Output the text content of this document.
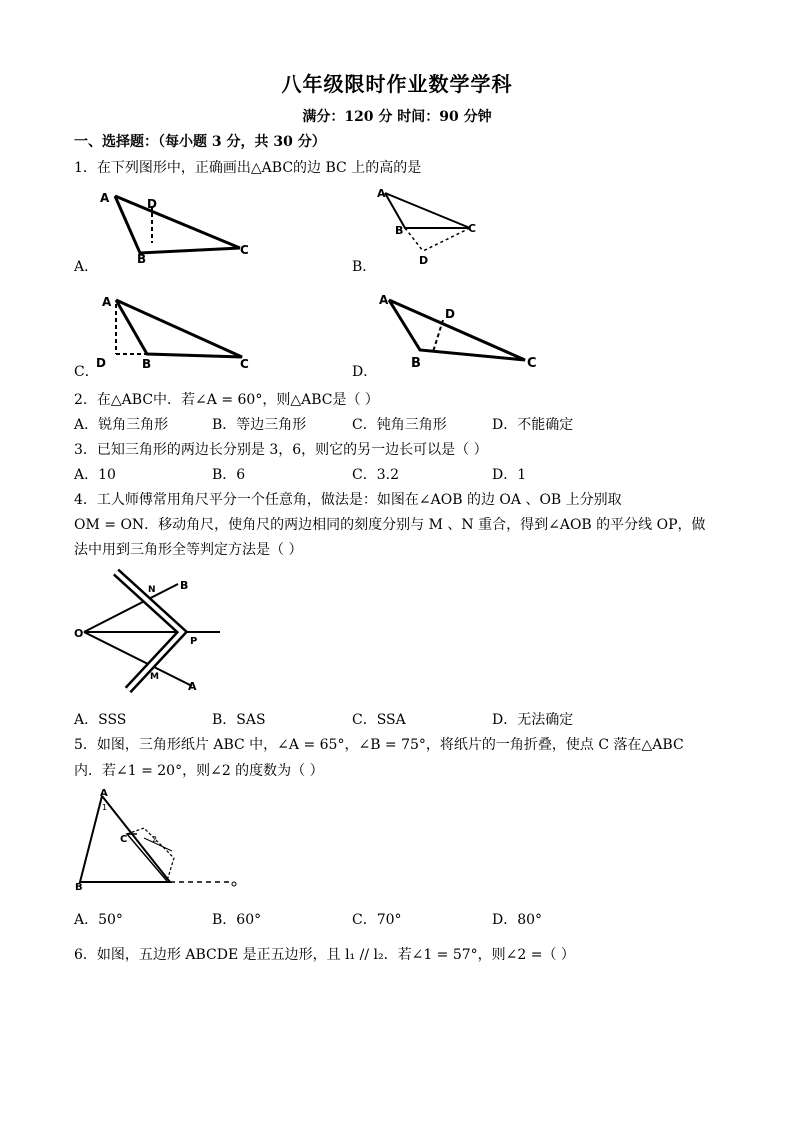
八年级限时作业数学学科
满分：120 分 时间：90 分钟
一、选择题：（每小题 3 分，共 30 分）
1．在下列图形中，正确画出△ABC的边 BC 上的高的是
A	D
B
C
A．
A
C
B
D
B．
A
D	B	C
C．
A
D
B	C
D．
2．在△ABC中．若∠A = 60°，则△ABC是（ ）
A．锐角三角形	B．等边三角形	C．钝角三角形	D．不能确定
3．已知三角形的两边长分别是 3，6，则它的另一边长可以是（ ）
A．10	B．6	C．3.2	D．1
4．工人师傅常用角尺平分一个任意角，做法是：如图在∠AOB 的边 OA 、OB 上分别取
OM = ON．移动角尺，使角尺的两边相同的刻度分别与 M 、N 重合，得到∠AOB 的平分线 OP，做
法中用到三角形全等判定方法是（ ）
O
N B
P
M
A
A．SSS	B．SAS	C．SSA	D．无法确定
5．如图，三角形纸片 ABC 中，∠A = 65°，∠B = 75°，将纸片的一角折叠，使点 C 落在△ABC
内．若∠1 = 20°，则∠2 的度数为（ ）
A
C
B
1
2
A．50°	B．60°	C．70°	D．80°
6．如图，五边形 ABCDE 是正五边形，且 l₁ // l₂．若∠1 = 57°，则∠2 =（ ）
